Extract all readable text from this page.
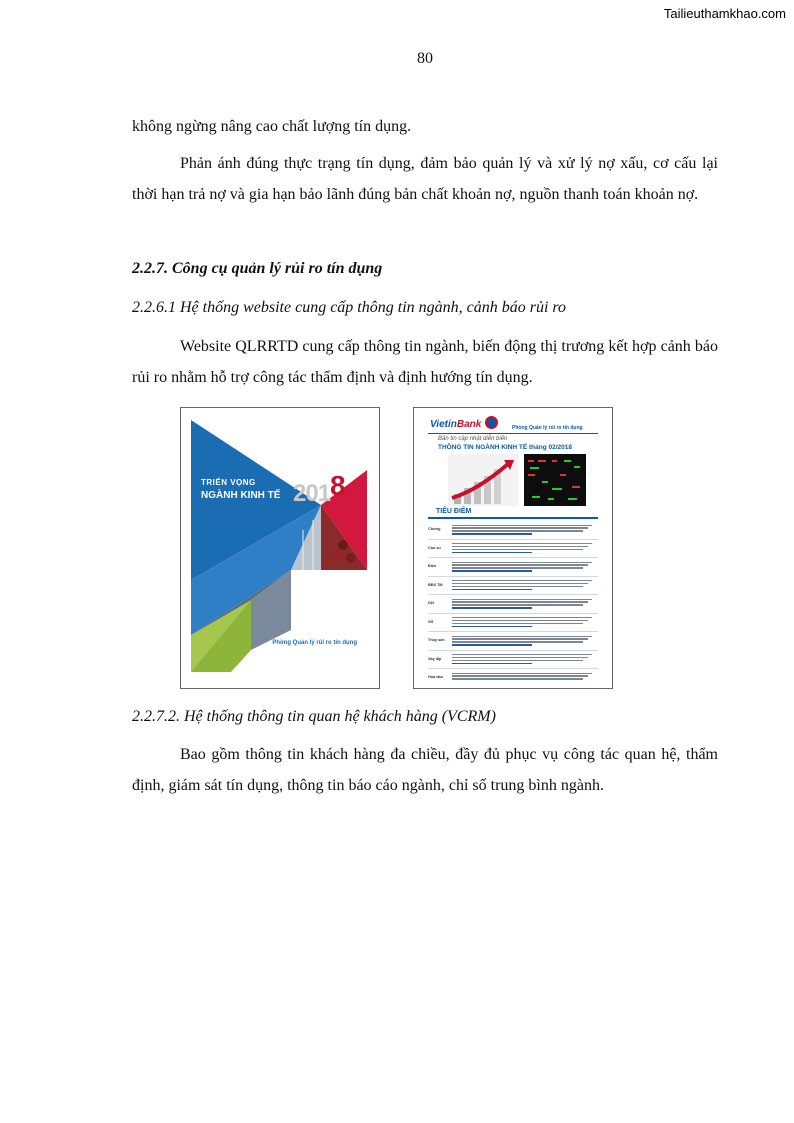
Tailieuthamkhao.com
80
không ngừng nâng cao chất lượng tín dụng.
Phản ánh đúng thực trạng tín dụng, đảm bảo quản lý và xử lý nợ xấu, cơ cấu lại thời hạn trả nợ và gia hạn bảo lãnh đúng bản chất khoản nợ, nguồn thanh toán khoản nợ.
2.2.7. Công cụ quản lý rủi ro tín dụng
2.2.6.1 Hệ thống website cung cấp thông tin ngành, cảnh báo rủi ro
Website QLRRTD cung cấp thông tin ngành, biến động thị trương kết hợp cảnh báo rủi ro nhằm hỗ trợ công tác thẩm định và định hướng tín dụng.
TRIỂN VỌNG
NGÀNH KINH TẾ 2018
Phòng Quản lý rủi ro tín dụng
VietinBank	Phòng Quản lý rủi ro tín dụng
Bản tin cập nhật diễn biến
THÔNG TIN NGÀNH KINH TẾ tháng 02/2018
TIÊU ĐIỂM
Chứng
Cao su
Điện
BĐS TM
Dệt
Gỗ
Thủy sản
Xây lắp
Hóa dầu
2.2.7.2. Hệ thống thông tin quan hệ khách hàng (VCRM)
Bao gồm thông tin khách hàng đa chiều, đầy đủ phục vụ công tác quan hệ, thẩm định, giám sát tín dụng, thông tin báo cáo ngành, chỉ số trung bình ngành.
